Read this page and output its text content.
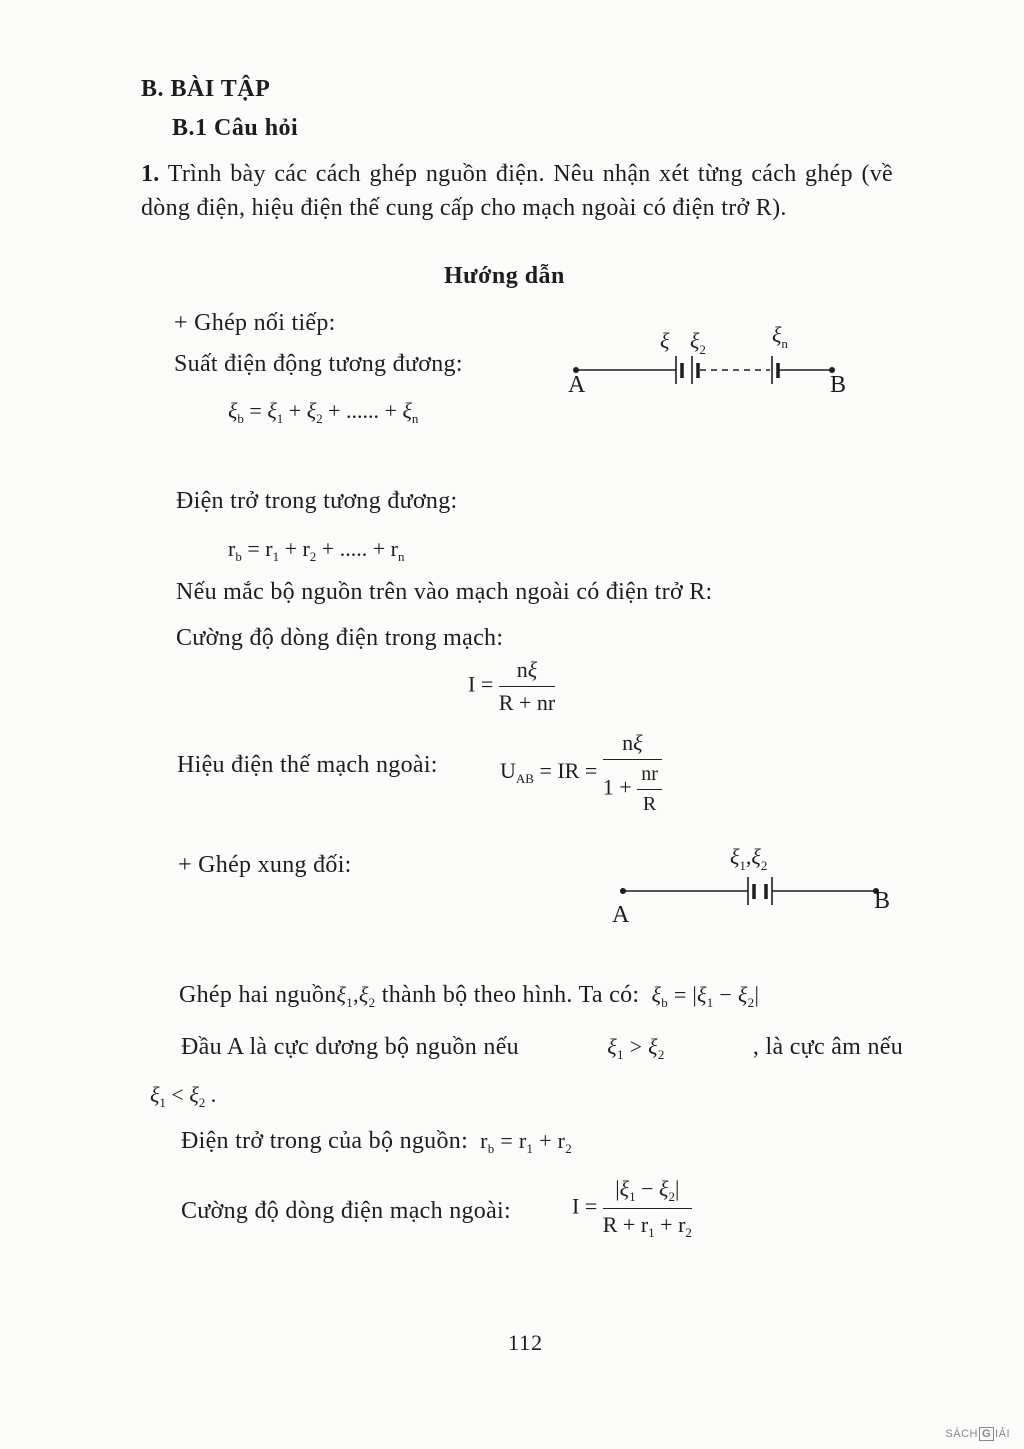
B. BÀI TẬP
B.1 Câu hỏi
1. Trình bày các cách ghép nguồn điện. Nêu nhận xét từng cách ghép (về dòng điện, hiệu điện thế cung cấp cho mạch ngoài có điện trở R).
Hướng dẫn
+ Ghép nối tiếp:
Suất điện động tương đương:
$\xi_b = \xi_1 + \xi_2$ + ...... + $\xi_n$
A	B
ξ $\xi_2$
$\xi_n$
Điện trở trong tương đương:
$r_b = r_1 + r_2$ + ..... + $r_n$
Nếu mắc bộ nguồn trên vào mạch ngoài có điện trở R:
Cường độ dòng điện trong mạch:
$I = \frac{n\xi}{R + nr}$
Hiệu điện thế mạch ngoài:	$U_{AB}$ = IR = $\frac{n\xi}{1 + \frac{nr}{R}}$
+ Ghép xung đối:
A
B
$\xi_1,\xi_2$
Ghép hai $nguồn\xi_1,\xi_2$ thành bộ theo hình. Ta có: $\xi_b = |\xi_1 - \xi_2|$
Đầu A là cực dương bộ nguồn nếu	$\xi_1 > \xi_2$	, là cực âm nếu
$\xi_1 < \xi_2$ .
Điện trở trong của bộ nguồn:  $r_b = r_1 + r_2$
Cường độ dòng điện mạch ngoài:	$I = \frac{|\xi_1 - \xi_2|}{R + r_1 + r_2}$
112
SÁCH G IẢI
